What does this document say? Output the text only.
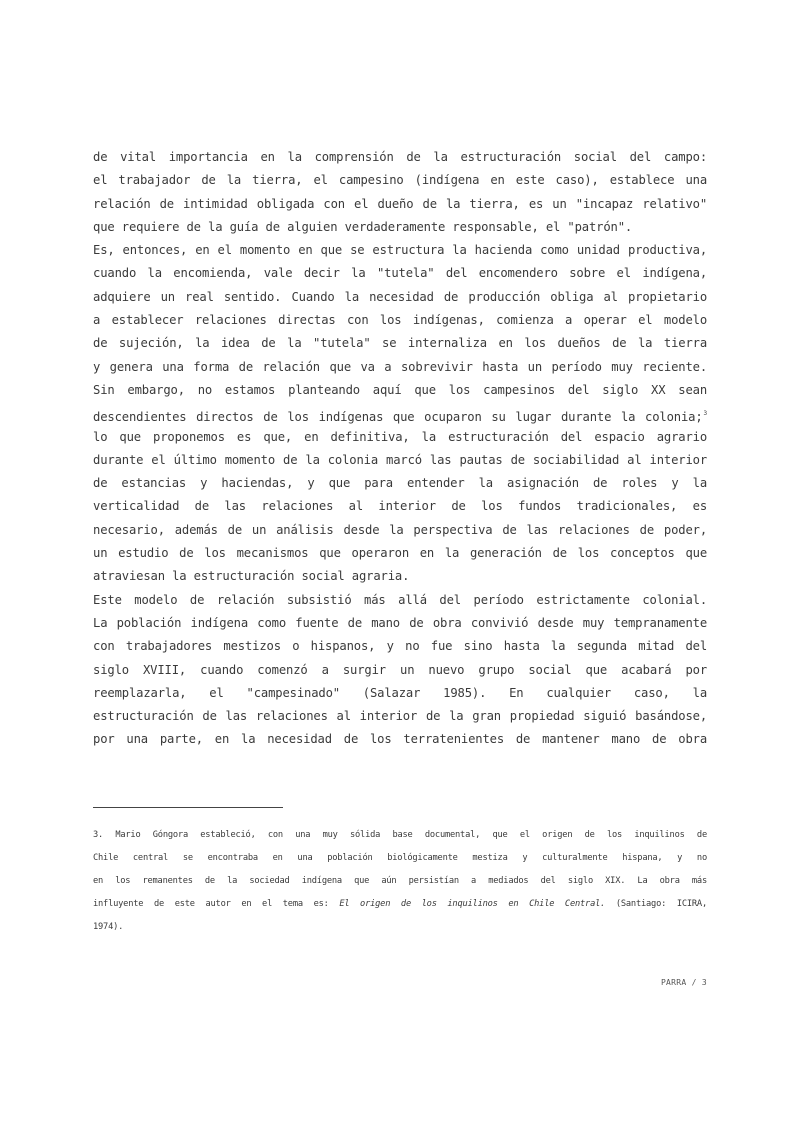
de vital importancia en la comprensión de la estructuración social del campo:
el trabajador de la tierra, el campesino (indígena en este caso), establece una
relación de intimidad obligada con el dueño de la tierra, es un "incapaz relativo"
que requiere de la guía de alguien verdaderamente responsable, el "patrón".
Es, entonces, en el momento en que se estructura la hacienda como unidad productiva,
cuando la encomienda, vale decir la "tutela" del encomendero sobre el indígena,
adquiere un real sentido. Cuando la necesidad de producción obliga al propietario
a establecer relaciones directas con los indígenas, comienza a operar el modelo
de sujeción, la idea de la "tutela" se internaliza en los dueños de la tierra
y genera una forma de relación que va a sobrevivir hasta un período muy reciente.
Sin embargo, no estamos planteando aquí que los campesinos del siglo XX sean
descendientes directos de los indígenas que ocuparon su lugar durante la colonia;$^3$
lo que proponemos es que, en definitiva, la estructuración del espacio agrario
durante el último momento de la colonia marcó las pautas de sociabilidad al interior
de estancias y haciendas, y que para entender la asignación de roles y la
verticalidad de las relaciones al interior de los fundos tradicionales, es
necesario, además de un análisis desde la perspectiva de las relaciones de poder,
un estudio de los mecanismos que operaron en la generación de los conceptos que
atraviesan la estructuración social agraria.
Este modelo de relación subsistió más allá del período estrictamente colonial.
La población indígena como fuente de mano de obra convivió desde muy tempranamente
con trabajadores mestizos o hispanos, y no fue sino hasta la segunda mitad del
siglo XVIII, cuando comenzó a surgir un nuevo grupo social que acabará por
reemplazarla, el "campesinado" (Salazar 1985). En cualquier caso, la
estructuración de las relaciones al interior de la gran propiedad siguió basándose,
por una parte, en la necesidad de los terratenientes de mantener mano de obra
3. Mario Góngora estableció, con una muy sólida base documental, que el origen de los inquilinos de
Chile central se encontraba en una población biológicamente mestiza y culturalmente hispana, y no
en los remanentes de la sociedad indígena que aún persistían a mediados del siglo XIX. La obra más
influyente de este autor en el tema es: El origen de los inquilinos en Chile Central. (Santiago: ICIRA,
1974).
PARRA / 3
